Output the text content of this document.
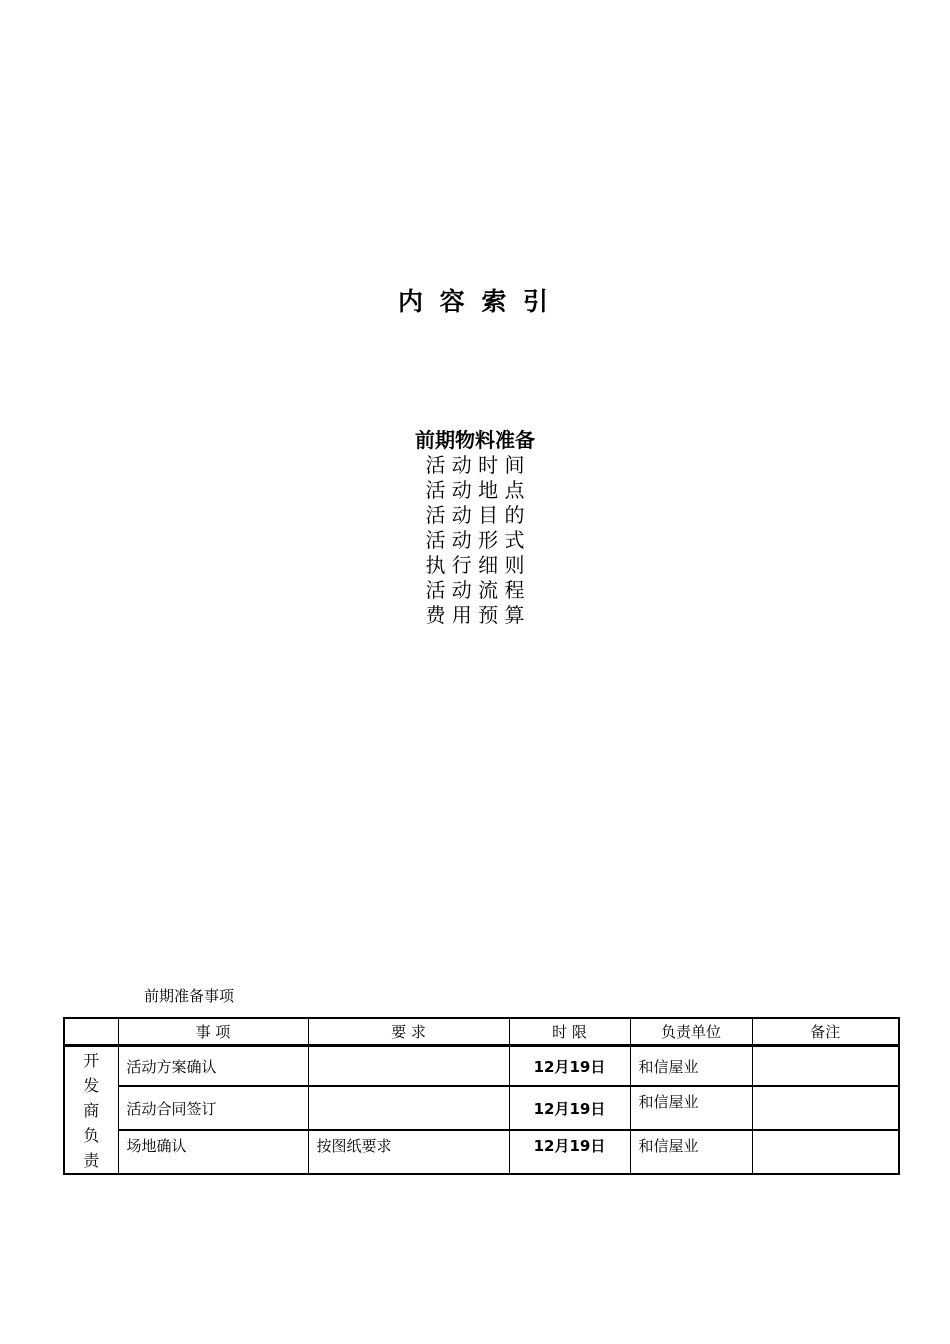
内 容 索 引
前期物料准备
活 动 时 间
活 动 地 点
活 动 目 的
活 动 形 式
执 行 细 则
活 动 流 程
费 用 预 算
前期准备事项
	事 项	要 求	时 限	负责单位	备注

开
发
商
负
责	活动方案确认		12月19日	和信屋业	
	活动合同签订		12月19日	和信屋业	
	场地确认	按图纸要求	12月19日	和信屋业	
